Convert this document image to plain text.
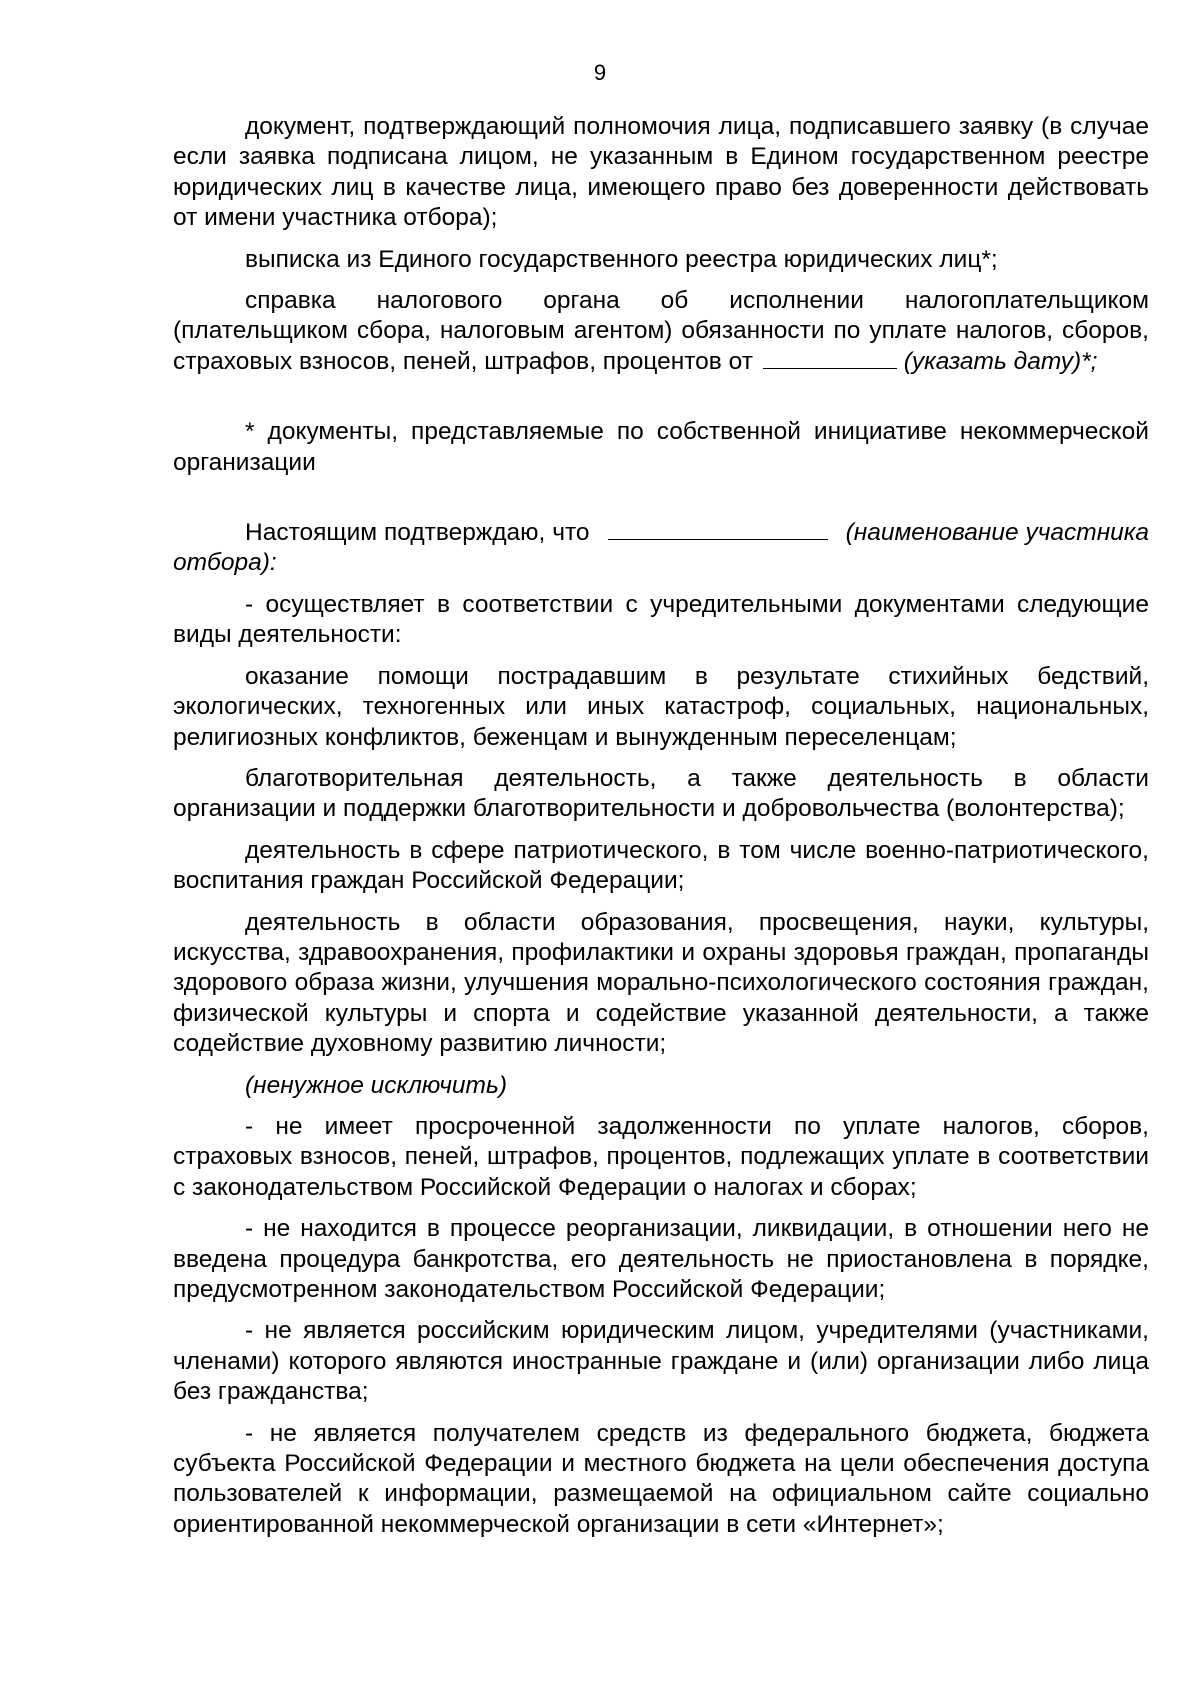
9

документ, подтверждающий полномочия лица, подписавшего заявку (в случае если заявка подписана лицом, не указанным в Едином государственном реестре юридических лиц в качестве лица, имеющего право без доверенности действовать от имени участника отбора);

выписка из Единого государственного реестра юридических лиц*;

справка налогового органа об исполнении налогоплательщиком (плательщиком сбора, налоговым агентом) обязанности по уплате налогов, сборов, страховых взносов, пеней, штрафов, процентов от	(указать дату)*;

* документы, представляемые по собственной инициативе некоммерческой организации

Настоящим подтверждаю, что	(наименование участника отбора):

- осуществляет в соответствии с учредительными документами следующие виды деятельности:

оказание помощи пострадавшим в результате стихийных бедствий, экологических, техногенных или иных катастроф, социальных, национальных, религиозных конфликтов, беженцам и вынужденным переселенцам;

благотворительная деятельность, а также деятельность в области организации и поддержки благотворительности и добровольчества (волонтерства);

деятельность в сфере патриотического, в том числе военно-патриотического, воспитания граждан Российской Федерации;

деятельность в области образования, просвещения, науки, культуры, искусства, здравоохранения, профилактики и охраны здоровья граждан, пропаганды здорового образа жизни, улучшения морально-психологического состояния граждан, физической культуры и спорта и содействие указанной деятельности, а также содействие духовному развитию личности;

(ненужное исключить)

- не имеет просроченной задолженности по уплате налогов, сборов, страховых взносов, пеней, штрафов, процентов, подлежащих уплате в соответствии с законодательством Российской Федерации о налогах и сборах;

- не находится в процессе реорганизации, ликвидации, в отношении него не введена процедура банкротства, его деятельность не приостановлена в порядке, предусмотренном законодательством Российской Федерации;

- не является российским юридическим лицом, учредителями (участниками, членами) которого являются иностранные граждане и (или) организации либо лица без гражданства;

- не является получателем средств из федерального бюджета, бюджета субъекта Российской Федерации и местного бюджета на цели обеспечения доступа пользователей к информации, размещаемой на официальном сайте социально ориентированной некоммерческой организации в сети «Интернет»;
